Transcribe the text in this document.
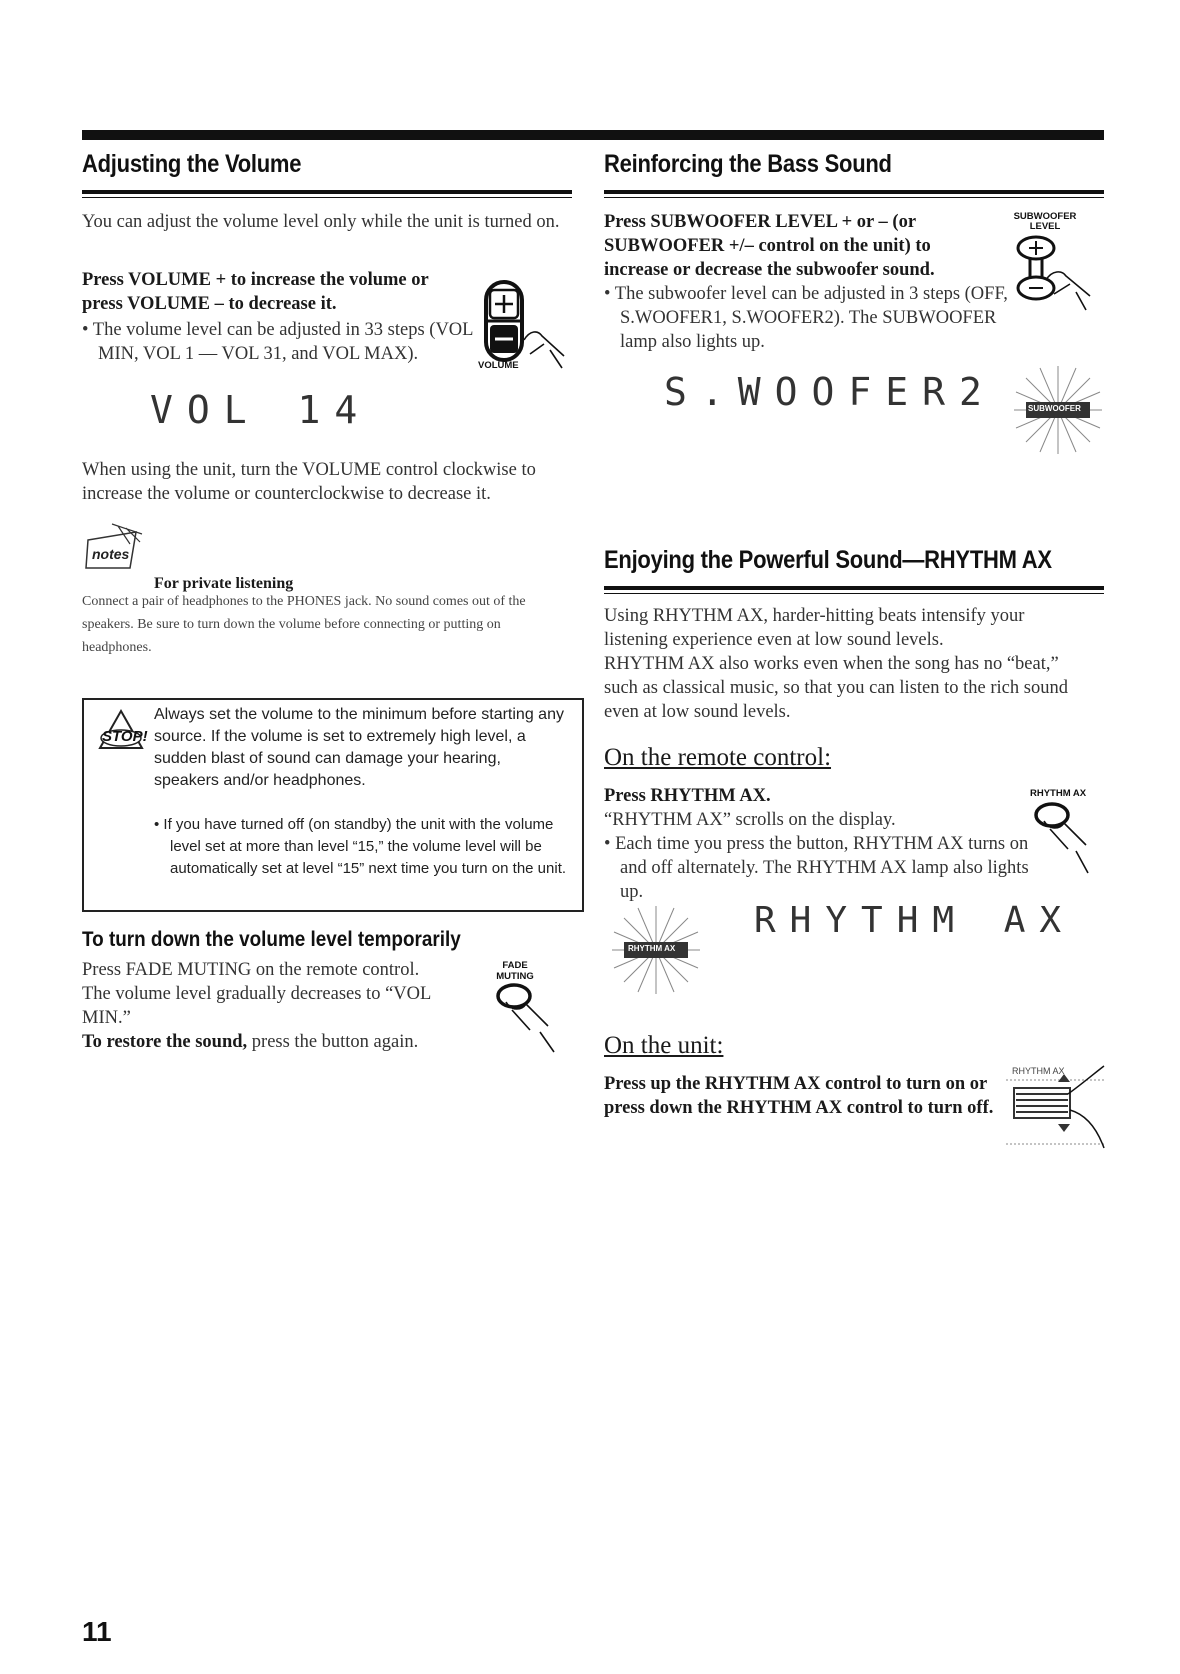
Adjusting the Volume
You can adjust the volume level only while the unit is turned on.
Press VOLUME + to increase the volume or press VOLUME – to decrease it.
• The volume level can be adjusted in 33 steps (VOL MIN, VOL 1 — VOL 31, and VOL MAX).
VOLUME
VOL 14
When using the unit, turn the VOLUME control clockwise to increase the volume or counterclockwise to decrease it.
notes
For private listening
Connect a pair of headphones to the PHONES jack. No sound comes out of the speakers. Be sure to turn down the volume before connecting or putting on headphones.
STOP!
Always set the volume to the minimum before starting any source. If the volume is set to extremely high level, a sudden blast of sound can damage your hearing, speakers and/or headphones.
• If you have turned off (on standby) the unit with the volume level set at more than level “15,” the volume level will be automatically set at level “15” next time you turn on the unit.
To turn down the volume level temporarily
Press FADE MUTING on the remote control.
The volume level gradually decreases to “VOL MIN.”
To restore the sound, press the button again.
FADE MUTING
11
Reinforcing the Bass Sound
Press SUBWOOFER LEVEL + or – (or SUBWOOFER +/– control on the unit) to increase or decrease the subwoofer sound.
• The subwoofer level can be adjusted in 3 steps (OFF, S.WOOFER1, S.WOOFER2). The SUBWOOFER lamp also lights up.
SUBWOOFER LEVEL
S.WOOFER2	SUBWOOFER
Enjoying the Powerful Sound—RHYTHM AX
Using RHYTHM AX, harder-hitting beats intensify your listening experience even at low sound levels.
RHYTHM AX also works even when the song has no “beat,” such as classical music, so that you can listen to the rich sound even at low sound levels.
On the remote control:
Press RHYTHM AX.
“RHYTHM AX” scrolls on the display.
• Each time you press the button, RHYTHM AX turns on and off alternately. The RHYTHM AX lamp also lights up.
RHYTHM AX
RHYTHM AX
RHYTHM AX
On the unit:
Press up the RHYTHM AX control to turn on or press down the RHYTHM AX control to turn off.
RHYTHM AX
